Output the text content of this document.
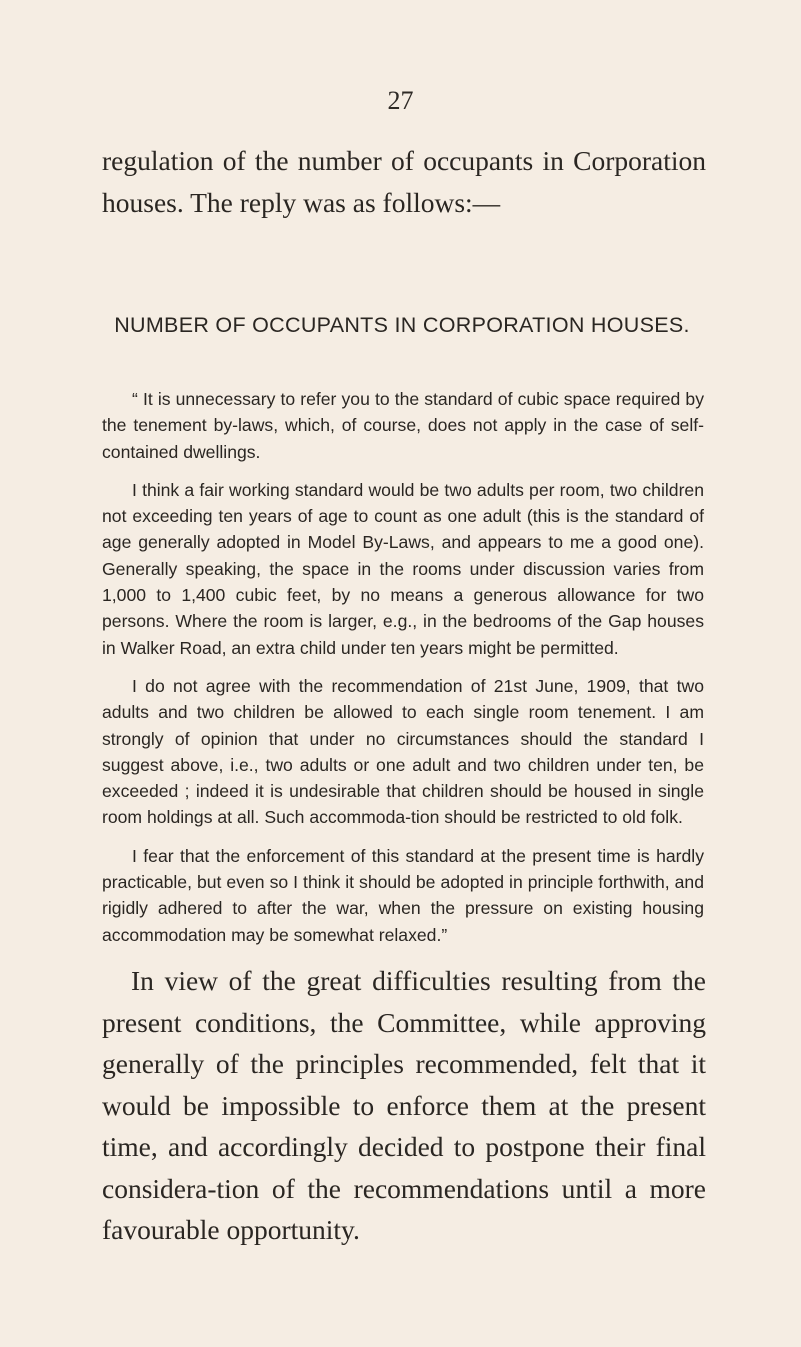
27

regulation of the number of occupants in Corporation houses. The reply was as follows:—

NUMBER OF OCCUPANTS IN CORPORATION HOUSES.

“ It is unnecessary to refer you to the standard of cubic space required by the tenement by-laws, which, of course, does not apply in the case of self-contained dwellings.

I think a fair working standard would be two adults per room, two children not exceeding ten years of age to count as one adult (this is the standard of age generally adopted in Model By-Laws, and appears to me a good one). Generally speaking, the space in the rooms under discussion varies from 1,000 to 1,400 cubic feet, by no means a generous allowance for two persons. Where the room is larger, e.g., in the bedrooms of the Gap houses in Walker Road, an extra child under ten years might be permitted.

I do not agree with the recommendation of 21st June, 1909, that two adults and two children be allowed to each single room tenement. I am strongly of opinion that under no circumstances should the standard I suggest above, i.e., two adults or one adult and two children under ten, be exceeded ; indeed it is undesirable that children should be housed in single room holdings at all. Such accommoda-tion should be restricted to old folk.

I fear that the enforcement of this standard at the present time is hardly practicable, but even so I think it should be adopted in principle forthwith, and rigidly adhered to after the war, when the pressure on existing housing accommodation may be somewhat relaxed.”

In view of the great difficulties resulting from the present conditions, the Committee, while approving generally of the principles recommended, felt that it would be impossible to enforce them at the present time, and accordingly decided to postpone their final considera-tion of the recommendations until a more favourable opportunity.
